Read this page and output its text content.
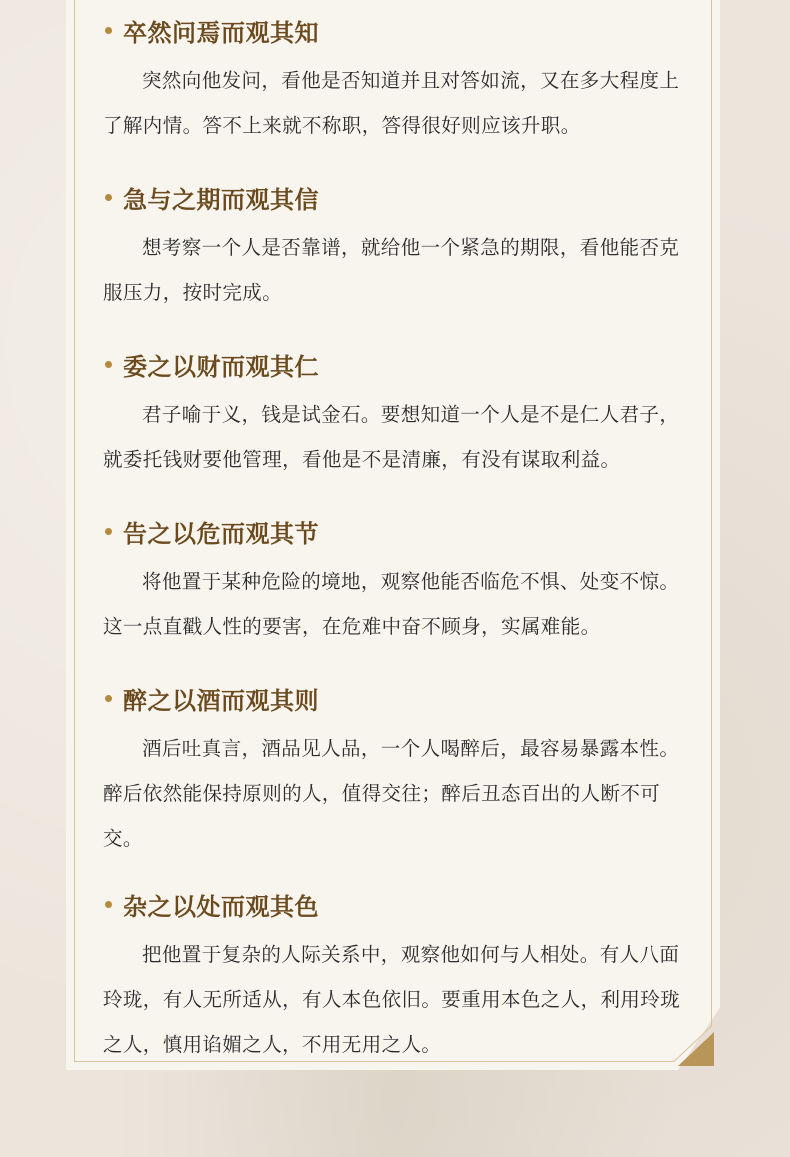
卒然问焉而观其知

突然向他发问，看他是否知道并且对答如流，又在多大程度上了解内情。答不上来就不称职，答得很好则应该升职。

急与之期而观其信

想考察一个人是否靠谱，就给他一个紧急的期限，看他能否克服压力，按时完成。

委之以财而观其仁

君子喻于义，钱是试金石。要想知道一个人是不是仁人君子，就委托钱财要他管理，看他是不是清廉，有没有谋取利益。

告之以危而观其节

将他置于某种危险的境地，观察他能否临危不惧、处变不惊。这一点直戳人性的要害，在危难中奋不顾身，实属难能。

醉之以酒而观其则

酒后吐真言，酒品见人品，一个人喝醉后，最容易暴露本性。醉后依然能保持原则的人，值得交往；醉后丑态百出的人断不可交。

杂之以处而观其色

把他置于复杂的人际关系中，观察他如何与人相处。有人八面玲珑，有人无所适从，有人本色依旧。要重用本色之人，利用玲珑之人，慎用谄媚之人，不用无用之人。
